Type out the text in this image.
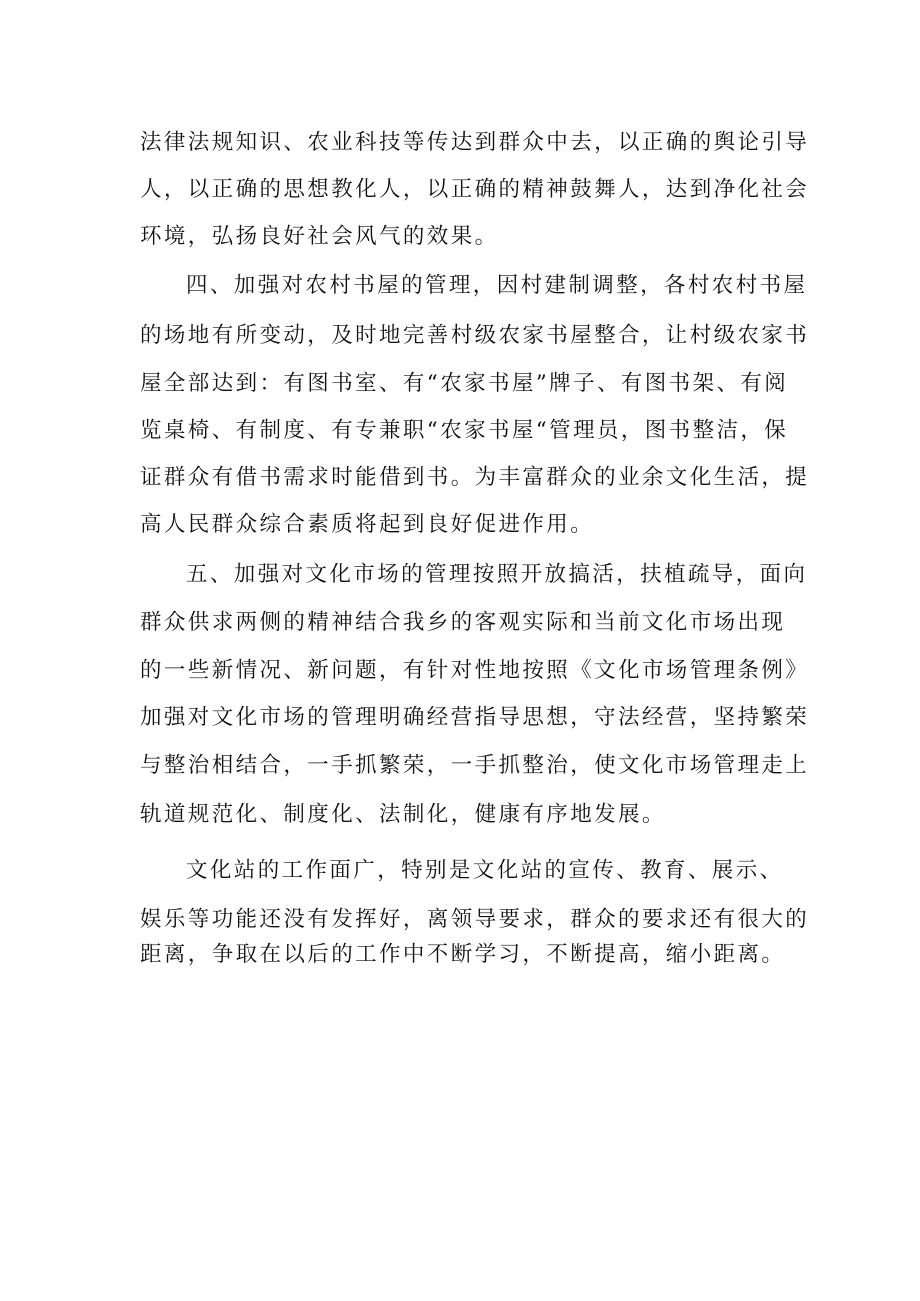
法律法规知识、农业科技等传达到群众中去，以正确的舆论引导
人，以正确的思想教化人，以正确的精神鼓舞人，达到净化社会
环境，弘扬良好社会风气的效果。
四、加强对农村书屋的管理，因村建制调整，各村农村书屋
的场地有所变动，及时地完善村级农家书屋整合，让村级农家书
屋全部达到：有图书室、有“农家书屋”牌子、有图书架、有阅
览桌椅、有制度、有专兼职“农家书屋“管理员，图书整洁，保
证群众有借书需求时能借到书。为丰富群众的业余文化生活，提
高人民群众综合素质将起到良好促进作用。
五、加强对文化市场的管理按照开放搞活，扶植疏导，面向
群众供求两侧的精神结合我乡的客观实际和当前文化市场出现
的一些新情况、新问题，有针对性地按照《文化市场管理条例》
加强对文化市场的管理明确经营指导思想，守法经营，坚持繁荣
与整治相结合，一手抓繁荣，一手抓整治，使文化市场管理走上
轨道规范化、制度化、法制化，健康有序地发展。
文化站的工作面广，特别是文化站的宣传、教育、展示、
娱乐等功能还没有发挥好，离领导要求，群众的要求还有很大的
距离，争取在以后的工作中不断学习，不断提高，缩小距离。
